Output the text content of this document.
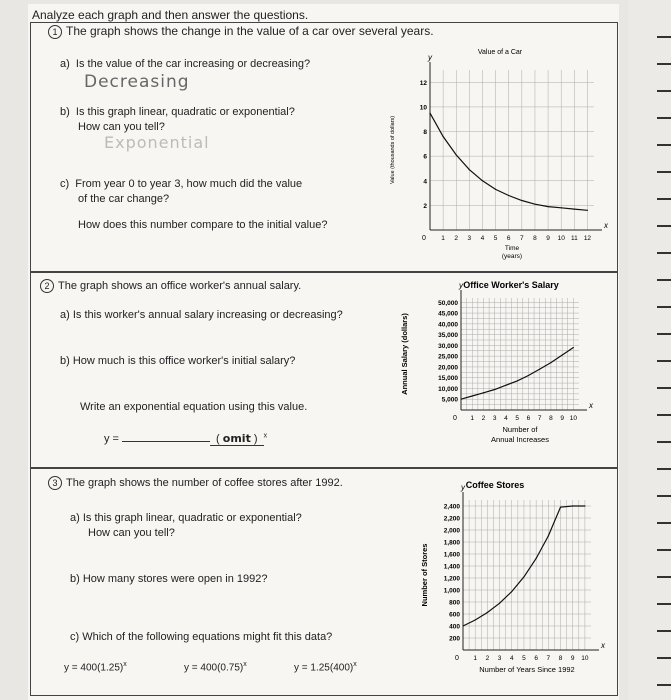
Analyze each graph and then answer the questions.
1 The graph shows the change in the value of a car over several years.
a) Is the value of the car increasing or decreasing?
Decreasing
b) Is this graph linear, quadratic or exponential?
How can you tell?
Exponential
c) From year 0 to year 3, how much did the value
of the car change?
How does this number compare to the initial value?
2 The graph shows an office worker's annual salary.
a) Is this worker's annual salary increasing or decreasing?
b) How much is this office worker's initial salary?
Write an exponential equation using this value.
y =	( omit ) $^x$
3 The graph shows the number of coffee stores after 1992.
a) Is this graph linear, quadratic or exponential?
How can you tell?
b) How many stores were open in 1992?
c) Which of the following equations might fit this data?
$y = 400(1.25)^x$	$y = 400(0.75)^x$	$y = 1.25(400)^x$
x
y
0 1 2 3 4 5 6 7 8 9 10 11 12
2
4
6
8
10
12
Value of a Car
Time
(years)
Value (thousands of dollars)
x
y
0 1 2 3 4 5 6 7 8 9 10
5,000
10,000
15,000
20,000
25,000
30,000
35,000
40,000
45,000
50,000
Office Worker's Salary
Number of
Annual Increases
Annual Salary (dollars)
x
y
0 1 2 3 4 5 6 7 8 9 10
200
400
600
800
1,000
1,200
1,400
1,600
1,800
2,000
2,200
2,400
Coffee Stores
Number of Years Since 1992
Number of Stores
